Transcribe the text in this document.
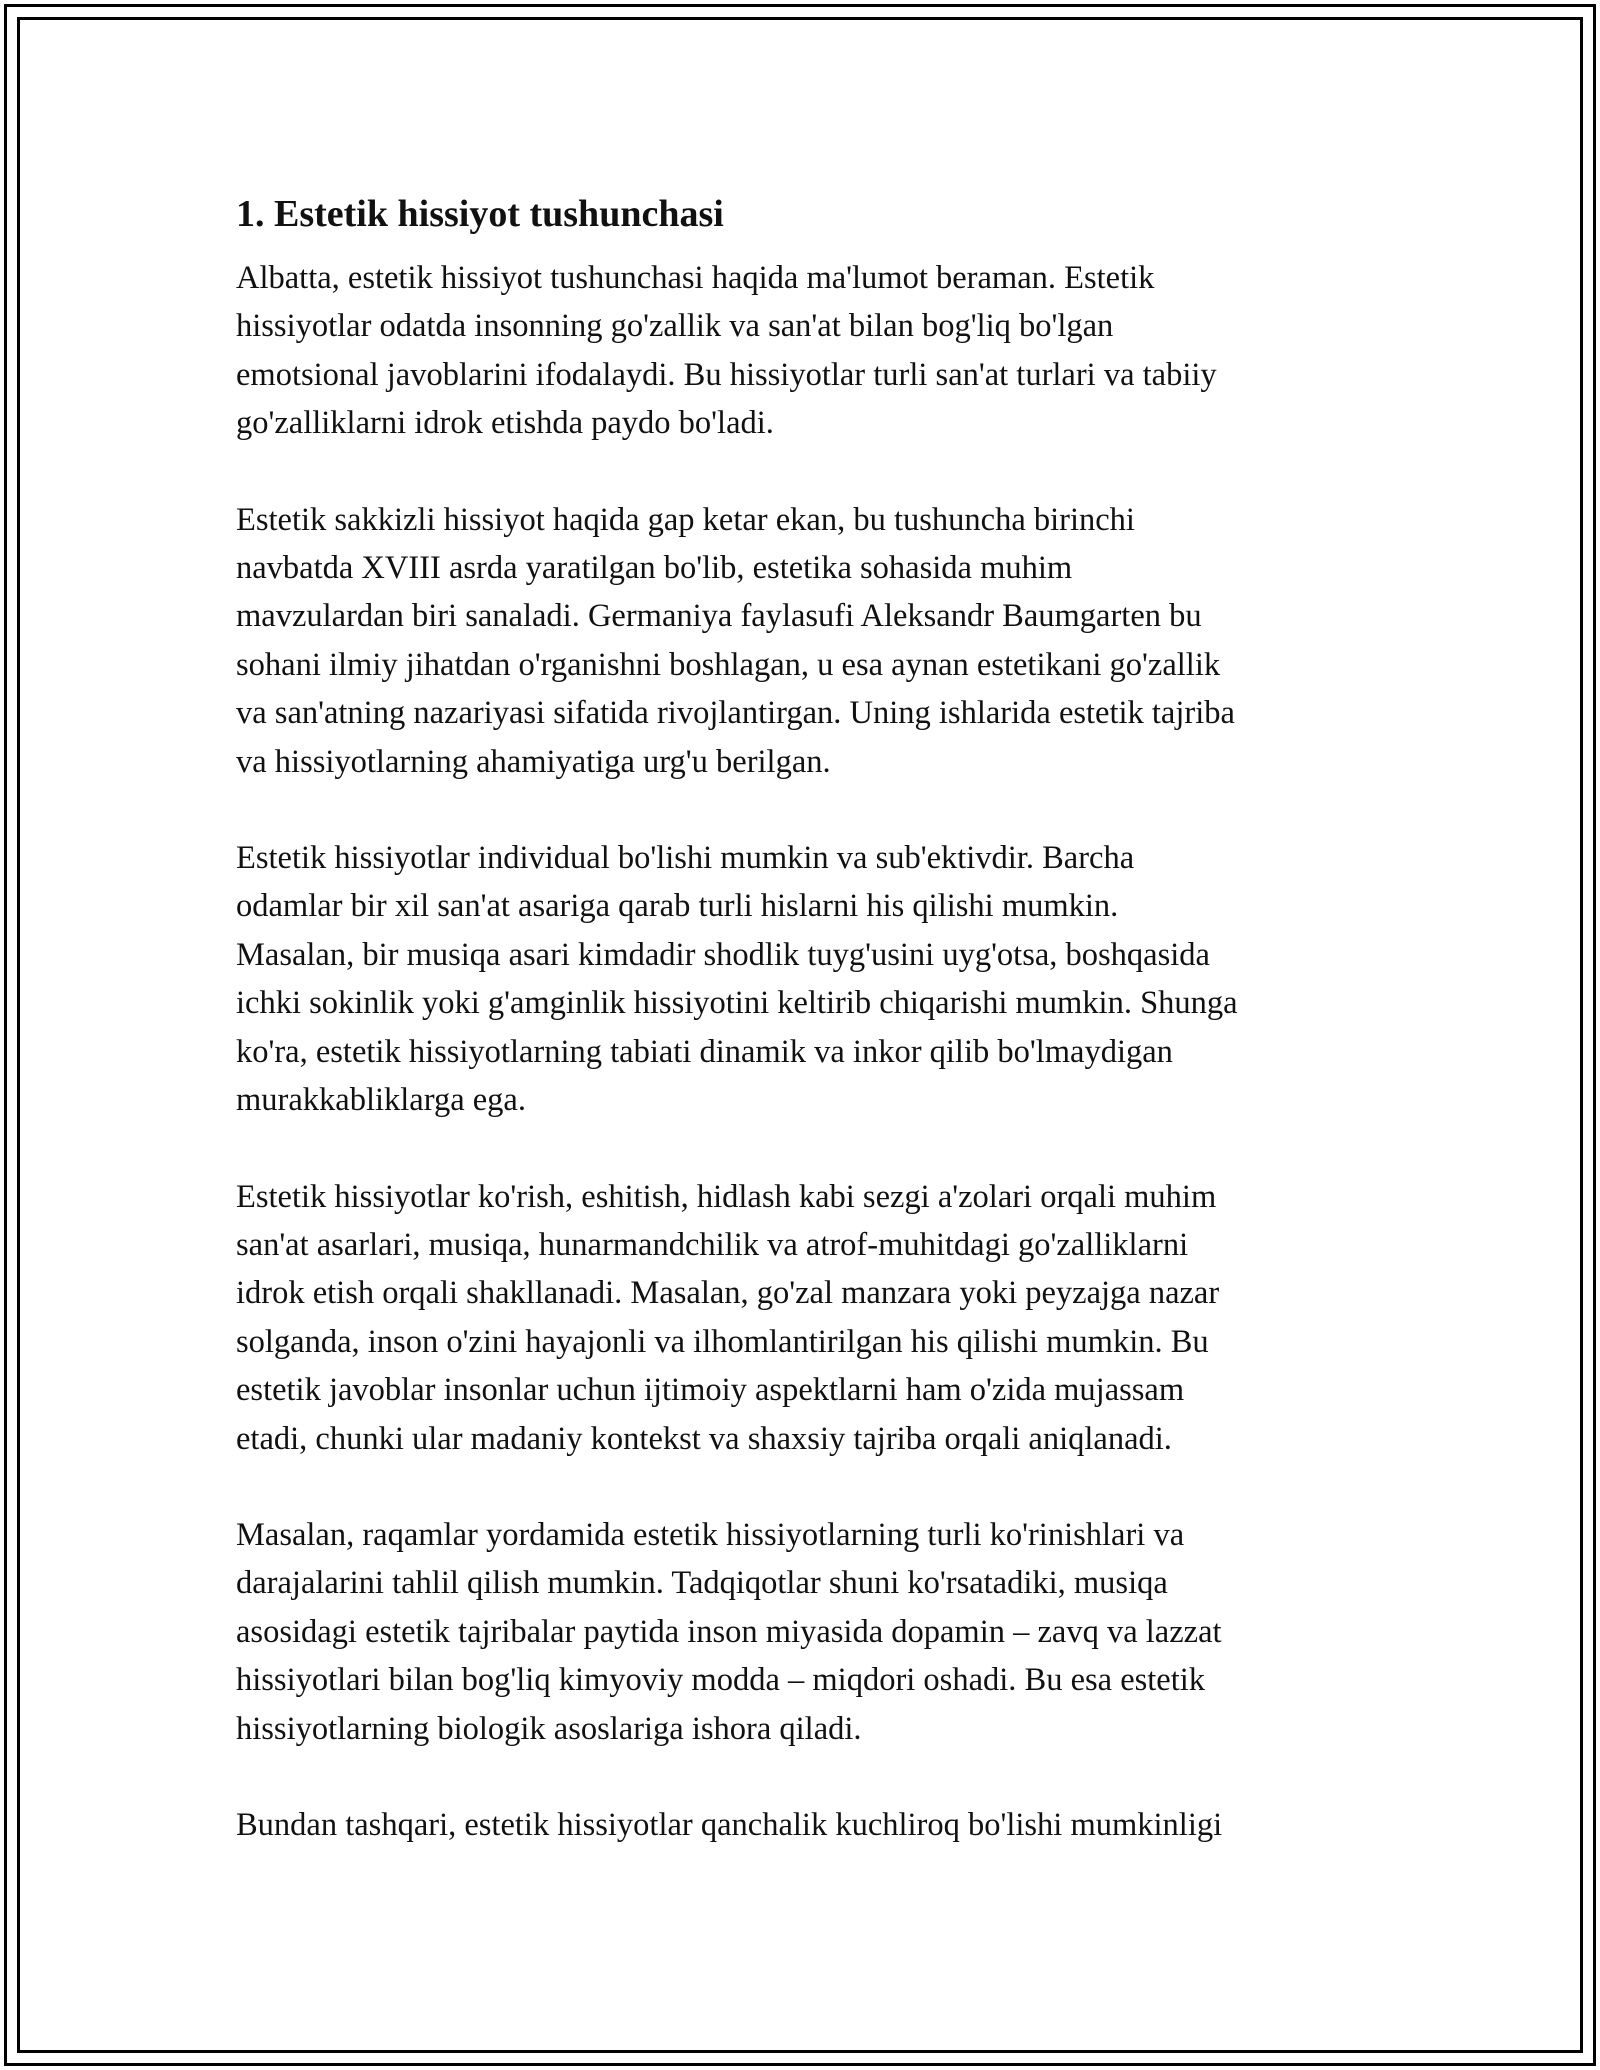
1. Estetik hissiyot tushunchasi

Albatta, estetik hissiyot tushunchasi haqida ma'lumot beraman. Estetik
hissiyotlar odatda insonning go'zallik va san'at bilan bog'liq bo'lgan
emotsional javoblarini ifodalaydi. Bu hissiyotlar turli san'at turlari va tabiiy
go'zalliklarni idrok etishda paydo bo'ladi.

Estetik sakkizli hissiyot haqida gap ketar ekan, bu tushuncha birinchi
navbatda XVIII asrda yaratilgan bo'lib, estetika sohasida muhim
mavzulardan biri sanaladi. Germaniya faylasufi Aleksandr Baumgarten bu
sohani ilmiy jihatdan o'rganishni boshlagan, u esa aynan estetikani go'zallik
va san'atning nazariyasi sifatida rivojlantirgan. Uning ishlarida estetik tajriba
va hissiyotlarning ahamiyatiga urg'u berilgan.

Estetik hissiyotlar individual bo'lishi mumkin va sub'ektivdir. Barcha
odamlar bir xil san'at asariga qarab turli hislarni his qilishi mumkin.
Masalan, bir musiqa asari kimdadir shodlik tuyg'usini uyg'otsa, boshqasida
ichki sokinlik yoki g'amginlik hissiyotini keltirib chiqarishi mumkin. Shunga
ko'ra, estetik hissiyotlarning tabiati dinamik va inkor qilib bo'lmaydigan
murakkabliklarga ega.

Estetik hissiyotlar ko'rish, eshitish, hidlash kabi sezgi a'zolari orqali muhim
san'at asarlari, musiqa, hunarmandchilik va atrof-muhitdagi go'zalliklarni
idrok etish orqali shakllanadi. Masalan, go'zal manzara yoki peyzajga nazar
solganda, inson o'zini hayajonli va ilhomlantirilgan his qilishi mumkin. Bu
estetik javoblar insonlar uchun ijtimoiy aspektlarni ham o'zida mujassam
etadi, chunki ular madaniy kontekst va shaxsiy tajriba orqali aniqlanadi.

Masalan, raqamlar yordamida estetik hissiyotlarning turli ko'rinishlari va
darajalarini tahlil qilish mumkin. Tadqiqotlar shuni ko'rsatadiki, musiqa
asosidagi estetik tajribalar paytida inson miyasida dopamin – zavq va lazzat
hissiyotlari bilan bog'liq kimyoviy modda – miqdori oshadi. Bu esa estetik
hissiyotlarning biologik asoslariga ishora qiladi.

Bundan tashqari, estetik hissiyotlar qanchalik kuchliroq bo'lishi mumkinligi
